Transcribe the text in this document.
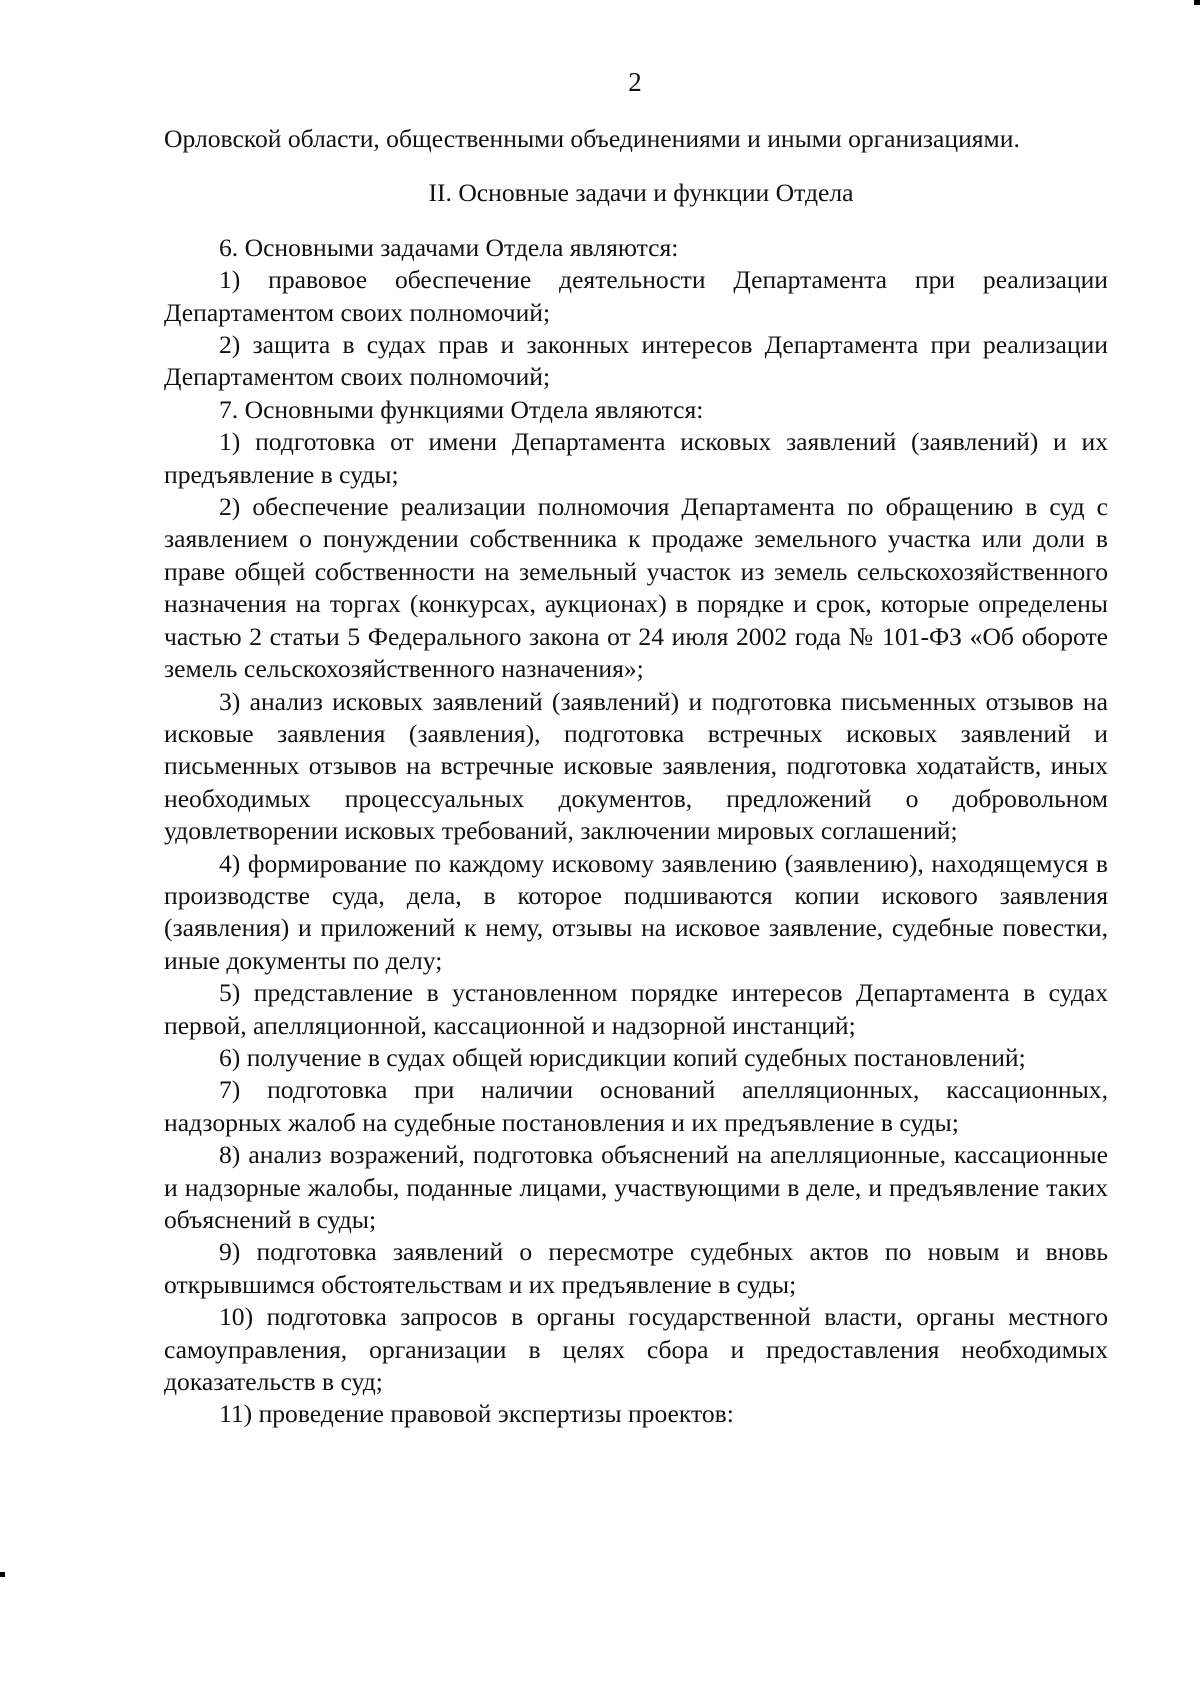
2

Орловской области, общественными объединениями и иными организациями.

II. Основные задачи и функции Отдела

6. Основными задачами Отдела являются:

1) правовое обеспечение деятельности Департамента при реализации Департаментом своих полномочий;

2) защита в судах прав и законных интересов Департамента при реализации Департаментом своих полномочий;

7. Основными функциями Отдела являются:

1) подготовка от имени Департамента исковых заявлений (заявлений) и их предъявление в суды;

2) обеспечение реализации полномочия Департамента по обращению в суд с заявлением о понуждении собственника к продаже земельного участка или доли в праве общей собственности на земельный участок из земель сельскохозяйственного назначения на торгах (конкурсах, аукционах) в порядке и срок, которые определены частью 2 статьи 5 Федерального закона от 24 июля 2002 года № 101-ФЗ «Об обороте земель сельскохозяйственного назначения»;

3) анализ исковых заявлений (заявлений) и подготовка письменных отзывов на исковые заявления (заявления), подготовка встречных исковых заявлений и письменных отзывов на встречные исковые заявления, подготовка ходатайств, иных необходимых процессуальных документов, предложений о добровольном удовлетворении исковых требований, заключении мировых соглашений;

4) формирование по каждому исковому заявлению (заявлению), находящемуся в производстве суда, дела, в которое подшиваются копии искового заявления (заявления) и приложений к нему, отзывы на исковое заявление, судебные повестки, иные документы по делу;

5) представление в установленном порядке интересов Департамента в судах первой, апелляционной, кассационной и надзорной инстанций;

6) получение в судах общей юрисдикции копий судебных постановлений;

7) подготовка при наличии оснований апелляционных, кассационных, надзорных жалоб на судебные постановления и их предъявление в суды;

8) анализ возражений, подготовка объяснений на апелляционные, кассационные и надзорные жалобы, поданные лицами, участвующими в деле, и предъявление таких объяснений в суды;

9) подготовка заявлений о пересмотре судебных актов по новым и вновь открывшимся обстоятельствам и их предъявление в суды;

10) подготовка запросов в органы государственной власти, органы местного самоуправления, организации в целях сбора и предоставления необходимых доказательств в суд;

11) проведение правовой экспертизы проектов:
